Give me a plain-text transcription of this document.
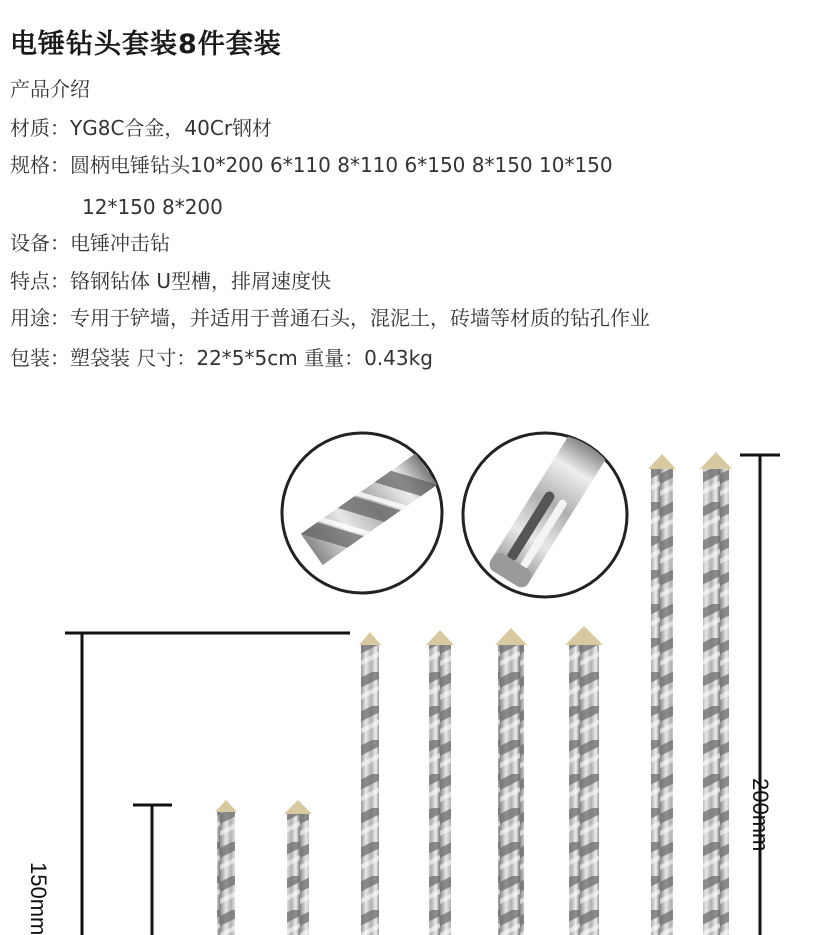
电锤钻头套装8件套装
产品介绍
材质：YG8C合金，40Cr钢材
规格：圆柄电锤钻头10*200 6*110 8*110 6*150 8*150 10*150
12*150 8*200
设备：电锤冲击钻
特点：铬钢钻体 U型槽，排屑速度快
用途：专用于铲墙，并适用于普通石头，混泥土，砖墙等材质的钻孔作业
包装：塑袋装 尺寸：22*5*5cm 重量：0.43kg
200mm
150mm
